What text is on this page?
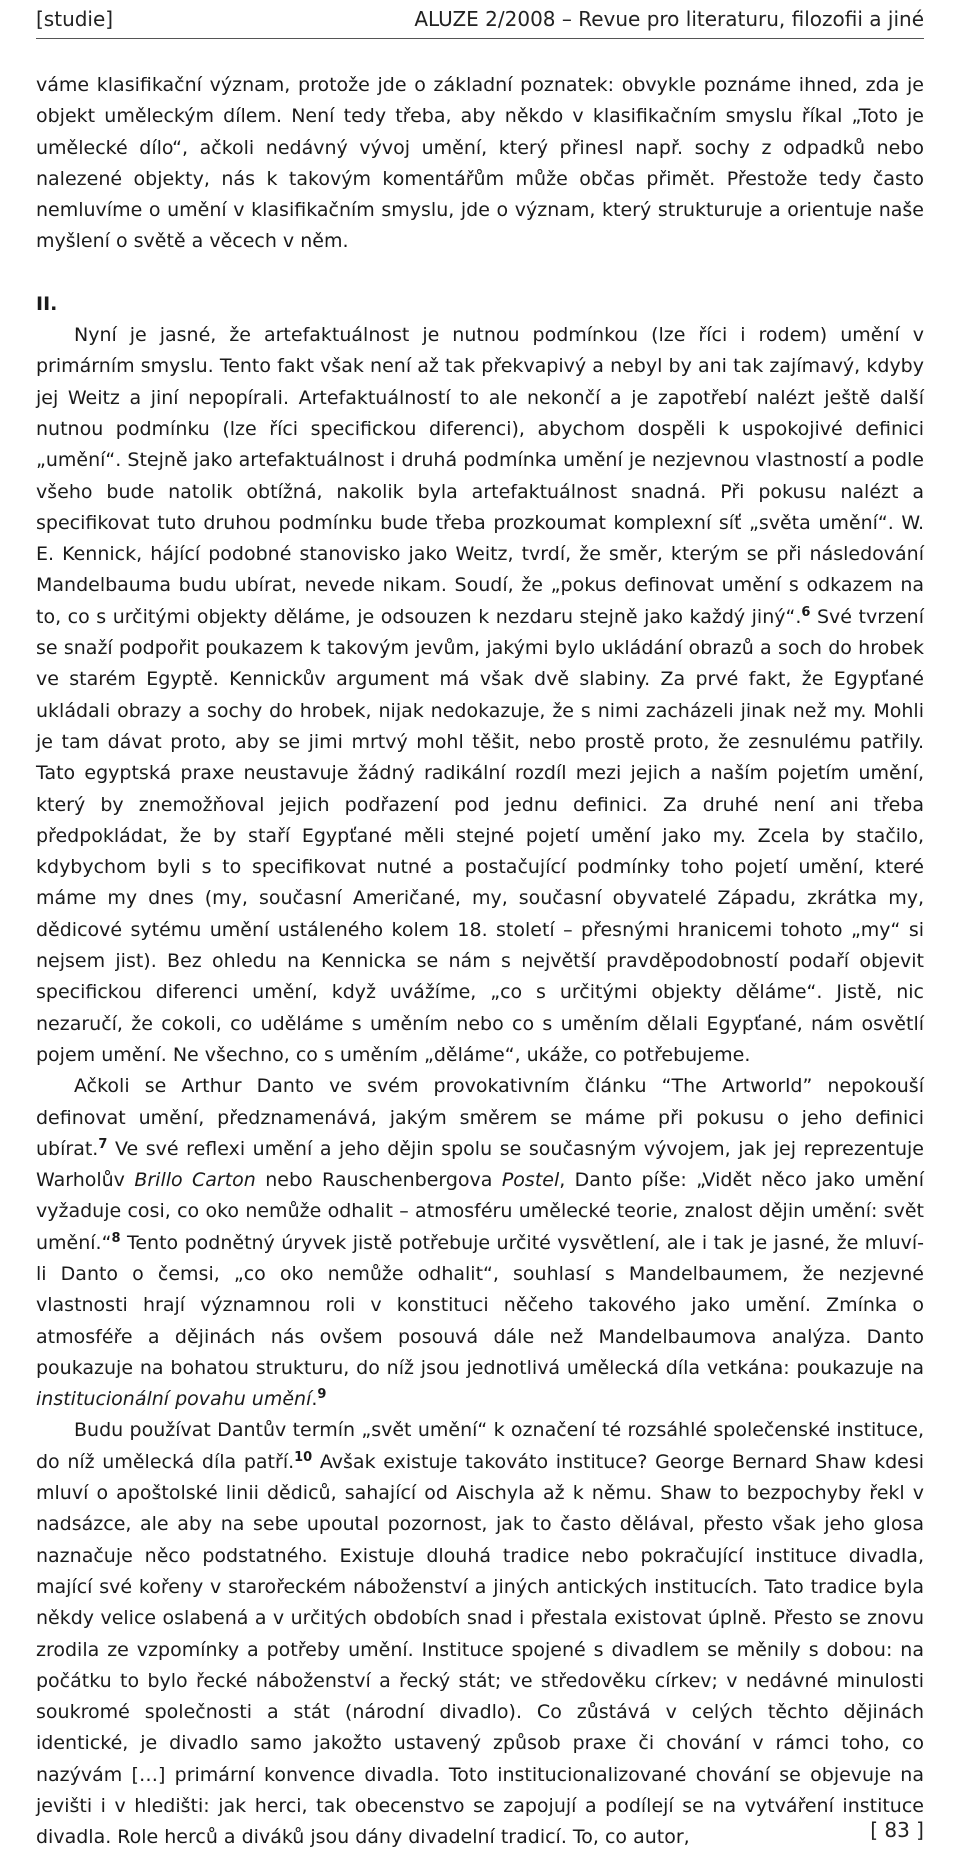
[studie]	ALUZE 2/2008 – Revue pro literaturu, filozofii a jiné

váme klasifikační význam, protože jde o základní poznatek: obvykle poznáme ihned, zda je objekt uměleckým dílem. Není tedy třeba, aby někdo v klasifikačním smyslu říkal „Toto je umělecké dílo“, ačkoli nedávný vývoj umění, který přinesl např. sochy z odpadků nebo nalezené objekty, nás k takovým komentářům může občas přimět. Přestože tedy často nemluvíme o umění v klasifikačním smyslu, jde o význam, který strukturuje a orientuje naše myšlení o světě a věcech v něm.

II.

Nyní je jasné, že artefaktuálnost je nutnou podmínkou (lze říci i rodem) umění v primárním smyslu. Tento fakt však není až tak překvapivý a nebyl by ani tak zajímavý, kdyby jej Weitz a jiní nepopírali. Artefaktuálností to ale nekončí a je zapotřebí nalézt ještě další nutnou podmínku (lze říci specifickou diferenci), abychom dospěli k uspokojivé definici „umění“. Stejně jako artefaktuálnost i druhá podmínka umění je nezjevnou vlastností a podle všeho bude natolik obtížná, nakolik byla artefaktuálnost snadná. Při pokusu nalézt a specifikovat tuto druhou podmínku bude třeba prozkoumat komplexní síť „světa umění“. W. E. Kennick, hájící podobné stanovisko jako Weitz, tvrdí, že směr, kterým se při následování Mandelbauma budu ubírat, nevede nikam. Soudí, že „pokus definovat umění s odkazem na to, co s určitými objekty děláme, je odsouzen k nezdaru stejně jako každý jiný“.$^6$ Své tvrzení se snaží podpořit poukazem k takovým jevům, jakými bylo ukládání obrazů a soch do hrobek ve starém Egyptě. Kennickův argument má však dvě slabiny. Za prvé fakt, že Egypťané ukládali obrazy a sochy do hrobek, nijak nedokazuje, že s nimi zacházeli jinak než my. Mohli je tam dávat proto, aby se jimi mrtvý mohl těšit, nebo prostě proto, že zesnulému patřily. Tato egyptská praxe neustavuje žádný radikální rozdíl mezi jejich a naším pojetím umění, který by znemožňoval jejich podřazení pod jednu definici. Za druhé není ani třeba předpokládat, že by staří Egypťané měli stejné pojetí umění jako my. Zcela by stačilo, kdybychom byli s to specifikovat nutné a postačující podmínky toho pojetí umění, které máme my dnes (my, současní Američané, my, současní obyvatelé Západu, zkrátka my, dědicové sytému umění ustáleného kolem 18. století – přesnými hranicemi tohoto „my“ si nejsem jist). Bez ohledu na Kennicka se nám s největší pravděpodobností podaří objevit specifickou diferenci umění, když uvážíme, „co s určitými objekty děláme“. Jistě, nic nezaručí, že cokoli, co uděláme s uměním nebo co s uměním dělali Egypťané, nám osvětlí pojem umění. Ne všechno, co s uměním „děláme“, ukáže, co potřebujeme.

Ačkoli se Arthur Danto ve svém provokativním článku “The Artworld” nepokouší definovat umění, předznamenává, jakým směrem se máme při pokusu o jeho definici ubírat.$^7$ Ve své reflexi umění a jeho dějin spolu se současným vývojem, jak jej reprezentuje Warholův Brillo Carton nebo Rauschenbergova Postel, Danto píše: „Vidět něco jako umění vyžaduje cosi, co oko nemůže odhalit – atmosféru umělecké teorie, znalost dějin umění: svět umění.“$^8$ Tento podnětný úryvek jistě potřebuje určité vysvětlení, ale i tak je jasné, že mluví-li Danto o čemsi, „co oko nemůže odhalit“, souhlasí s Mandelbaumem, že nezjevné vlastnosti hrají významnou roli v konstituci něčeho takového jako umění. Zmínka o atmosféře a dějinách nás ovšem posouvá dále než Mandelbaumova analýza. Danto poukazuje na bohatou strukturu, do níž jsou jednotlivá umělecká díla vetkána: poukazuje na institucionální povahu umění.$^9$

Budu používat Dantův termín „svět umění“ k označení té rozsáhlé společenské instituce, do níž umělecká díla patří.$^{10}$ Avšak existuje takováto instituce? George Bernard Shaw kdesi mluví o apoštolské linii dědiců, sahající od Aischyla až k němu. Shaw to bezpochyby řekl v nadsázce, ale aby na sebe upoutal pozornost, jak to často dělával, přesto však jeho glosa naznačuje něco podstatného. Existuje dlouhá tradice nebo pokračující instituce divadla, mající své kořeny v starořeckém náboženství a jiných antických institucích. Tato tradice byla někdy velice oslabená a v určitých obdobích snad i přestala existovat úplně. Přesto se znovu zrodila ze vzpomínky a potřeby umění. Instituce spojené s divadlem se měnily s dobou: na počátku to bylo řecké náboženství a řecký stát; ve středověku církev; v nedávné minulosti soukromé společnosti a stát (národní divadlo). Co zůstává v celých těchto dějinách identické, je divadlo samo jakožto ustavený způsob praxe či chování v rámci toho, co nazývám […] primární konvence divadla. Toto institucionalizované chování se objevuje na jevišti i v hledišti: jak herci, tak obecenstvo se zapojují a podílejí se na vytváření instituce divadla. Role herců a diváků jsou dány divadelní tradicí. To, co autor,	[ 83 ]
